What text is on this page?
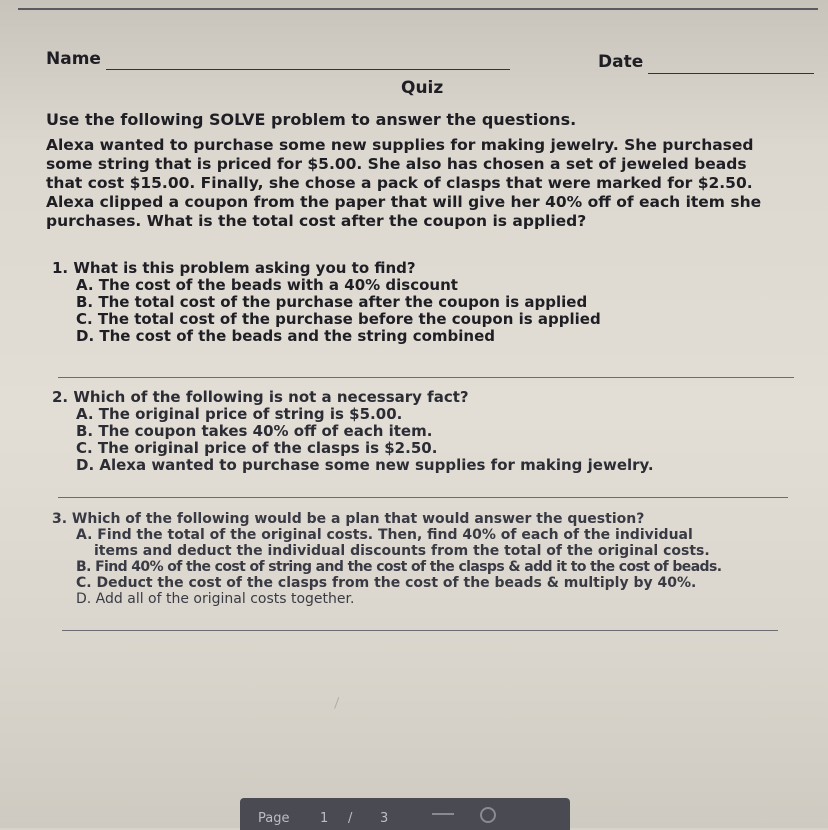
Name	Date
Quiz
Use the following SOLVE problem to answer the questions.
Alexa wanted to purchase some new supplies for making jewelry. She purchased
some string that is priced for $5.00. She also has chosen a set of jeweled beads
that cost $15.00. Finally, she chose a pack of clasps that were marked for $2.50.
Alexa clipped a coupon from the paper that will give her 40% off of each item she
purchases. What is the total cost after the coupon is applied?
1. What is this problem asking you to find?
A. The cost of the beads with a 40% discount
B. The total cost of the purchase after the coupon is applied
C. The total cost of the purchase before the coupon is applied
D. The cost of the beads and the string combined
2. Which of the following is not a necessary fact?
A. The original price of string is $5.00.
B. The coupon takes 40% off of each item.
C. The original price of the clasps is $2.50.
D. Alexa wanted to purchase some new supplies for making jewelry.
3. Which of the following would be a plan that would answer the question?
A. Find the total of the original costs. Then, find 40% of each of the individual
items and deduct the individual discounts from the total of the original costs.
B. Find 40% of the cost of string and the cost of the clasps & add it to the cost of beads.
C. Deduct the cost of the clasps from the cost of the beads & multiply by 40%.
D. Add all of the original costs together.
Page 1 / 3
